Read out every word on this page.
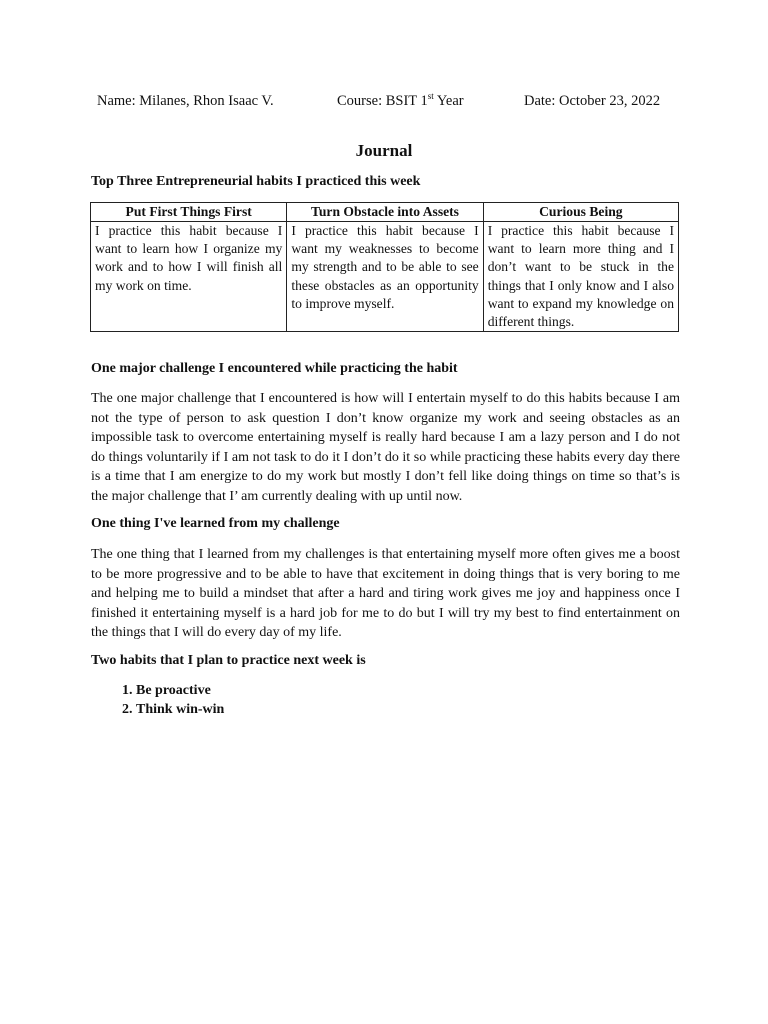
Name: Milanes, Rhon Isaac V.	Course: BSIT 1st Year	Date: October 23, 2022
Journal
Top Three Entrepreneurial habits I practiced this week
Put First Things First	Turn Obstacle into Assets	Curious Being
I practice this habit because I want to learn how I organize my work and to how I will finish all my work on time.	I practice this habit because I want my weaknesses to become my strength and to be able to see these obstacles as an opportunity to improve myself.	I practice this habit because I want to learn more thing and I don’t want to be stuck in the things that I only know and I also want to expand my knowledge on different things.
One major challenge I encountered while practicing the habit
The one major challenge that I encountered is how will I entertain myself to do this habits because I am not the type of person to ask question I don’t know organize my work and seeing obstacles as an impossible task to overcome entertaining myself is really hard because I am a lazy person and I do not do things voluntarily if I am not task to do it I don’t do it so while practicing these habits every day there is a time that I am energize to do my work but mostly I don’t fell like doing things on time so that’s is the major challenge that I’ am currently dealing with up until now.
One thing I've learned from my challenge
The one thing that I learned from my challenges is that entertaining myself more often gives me a boost to be more progressive and to be able to have that excitement in doing things that is very boring to me and helping me to build a mindset that after a hard and tiring work gives me joy and happiness once I finished it entertaining myself is a hard job for me to do but I will try my best to find entertainment on the things that I will do every day of my life.
Two habits that I plan to practice next week is
1. Be proactive
2. Think win-win
